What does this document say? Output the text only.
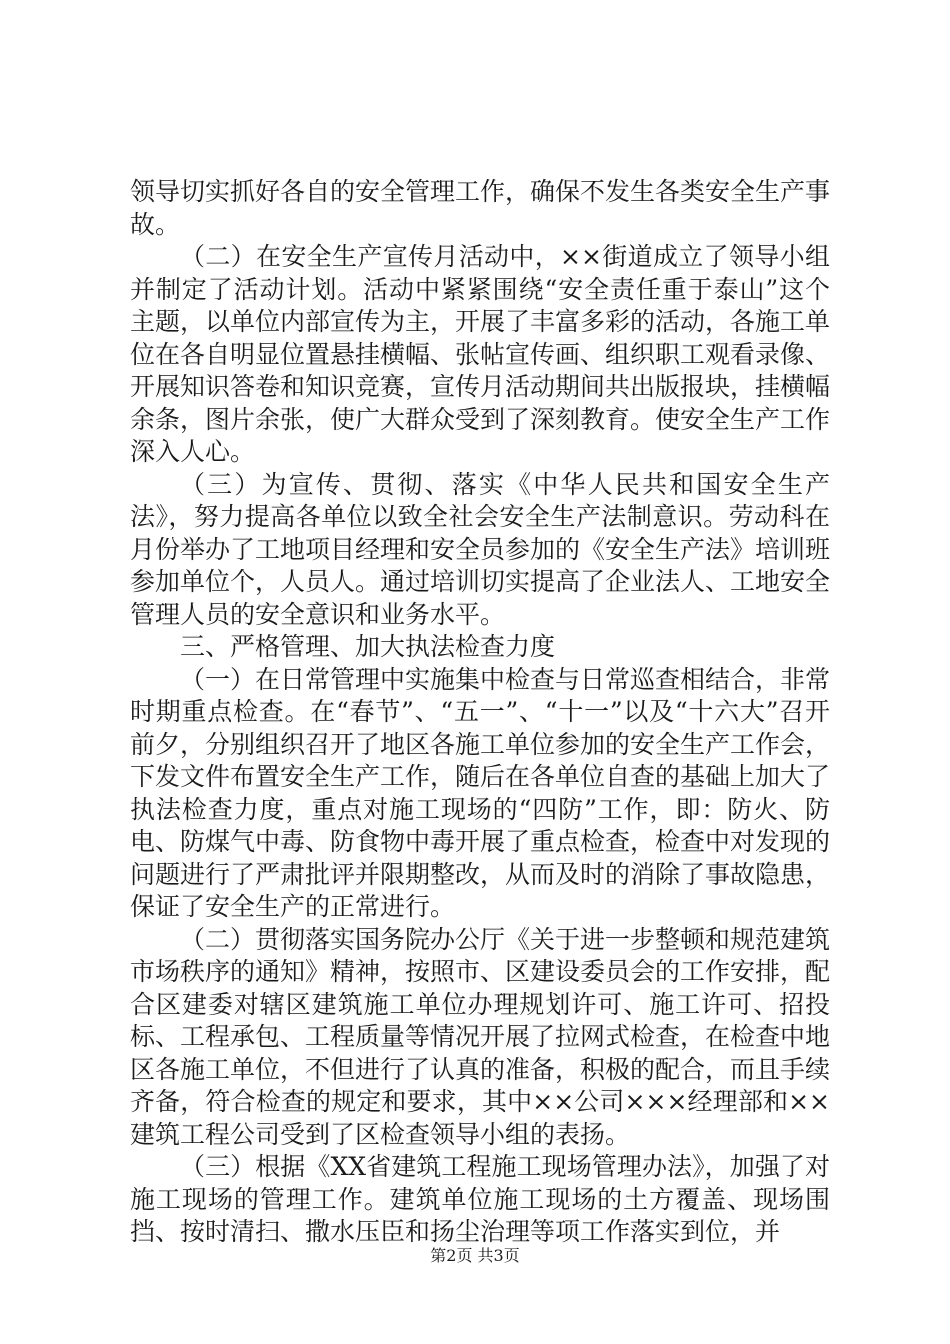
领导切实抓好各自的安全管理工作，确保不发生各类安全生产事故。

（二）在安全生产宣传月活动中，××街道成立了领导小组并制定了活动计划。活动中紧紧围绕“安全责任重于泰山”这个主题，以单位内部宣传为主，开展了丰富多彩的活动，各施工单位在各自明显位置悬挂横幅、张帖宣传画、组织职工观看录像、开展知识答卷和知识竞赛，宣传月活动期间共出版报块，挂横幅余条，图片余张，使广大群众受到了深刻教育。使安全生产工作深入人心。

（三）为宣传、贯彻、落实《中华人民共和国安全生产法》，努力提高各单位以致全社会安全生产法制意识。劳动科在月份举办了工地项目经理和安全员参加的《安全生产法》培训班参加单位个，人员人。通过培训切实提高了企业法人、工地安全管理人员的安全意识和业务水平。

三、严格管理、加大执法检查力度

（一）在日常管理中实施集中检查与日常巡查相结合，非常时期重点检查。在“春节”、“五一”、“十一”以及“十六大”召开前夕，分别组织召开了地区各施工单位参加的安全生产工作会，下发文件布置安全生产工作，随后在各单位自查的基础上加大了执法检查力度，重点对施工现场的“四防”工作，即：防火、防电、防煤气中毒、防食物中毒开展了重点检查，检查中对发现的问题进行了严肃批评并限期整改，从而及时的消除了事故隐患，保证了安全生产的正常进行。

（二）贯彻落实国务院办公厅《关于进一步整顿和规范建筑市场秩序的通知》精神，按照市、区建设委员会的工作安排，配合区建委对辖区建筑施工单位办理规划许可、施工许可、招投标、工程承包、工程质量等情况开展了拉网式检查，在检查中地区各施工单位，不但进行了认真的准备，积极的配合，而且手续齐备，符合检查的规定和要求，其中××公司×××经理部和××建筑工程公司受到了区检查领导小组的表扬。

（三）根据《XX省建筑工程施工现场管理办法》，加强了对施工现场的管理工作。建筑单位施工现场的土方覆盖、现场围挡、按时清扫、撒水压臣和扬尘治理等项工作落实到位，并

第2页 共3页
